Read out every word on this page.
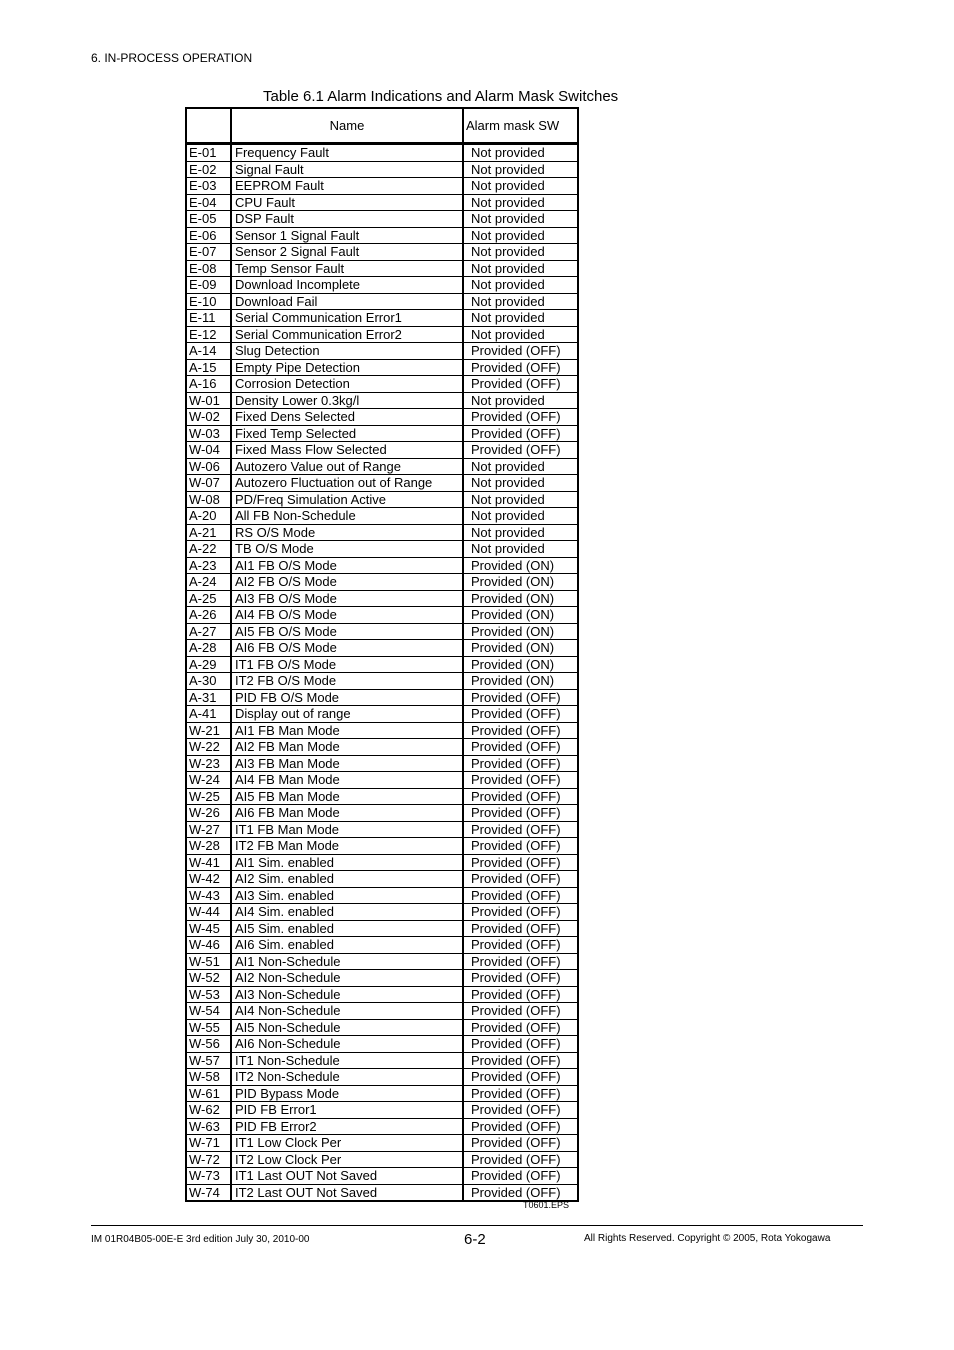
6. IN-PROCESS OPERATION
Table 6.1 Alarm Indications and Alarm Mask Switches
	Name	Alarm mask SW
E-01	Frequency Fault	Not provided
E-02	Signal Fault	Not provided
E-03	EEPROM Fault	Not provided
E-04	CPU Fault	Not provided
E-05	DSP Fault	Not provided
E-06	Sensor 1 Signal Fault	Not provided
E-07	Sensor 2 Signal Fault	Not provided
E-08	Temp Sensor Fault	Not provided
E-09	Download Incomplete	Not provided
E-10	Download Fail	Not provided
E-11	Serial Communication Error1	Not provided
E-12	Serial Communication Error2	Not provided
A-14	Slug Detection	Provided (OFF)
A-15	Empty Pipe Detection	Provided (OFF)
A-16	Corrosion Detection	Provided (OFF)
W-01	Density Lower 0.3kg/l	Not provided
W-02	Fixed Dens Selected	Provided (OFF)
W-03	Fixed Temp Selected	Provided (OFF)
W-04	Fixed Mass Flow Selected	Provided (OFF)
W-06	Autozero Value out of Range	Not provided
W-07	Autozero Fluctuation out of Range	Not provided
W-08	PD/Freq Simulation Active	Not provided
A-20	All FB Non-Schedule	Not provided
A-21	RS O/S Mode	Not provided
A-22	TB O/S Mode	Not provided
A-23	AI1 FB O/S Mode	Provided (ON)
A-24	AI2 FB O/S Mode	Provided (ON)
A-25	AI3 FB O/S Mode	Provided (ON)
A-26	AI4 FB O/S Mode	Provided (ON)
A-27	AI5 FB O/S Mode	Provided (ON)
A-28	AI6 FB O/S Mode	Provided (ON)
A-29	IT1 FB O/S Mode	Provided (ON)
A-30	IT2 FB O/S Mode	Provided (ON)
A-31	PID FB O/S Mode	Provided (OFF)
A-41	Display out of range	Provided (OFF)
W-21	AI1 FB Man Mode	Provided (OFF)
W-22	AI2 FB Man Mode	Provided (OFF)
W-23	AI3 FB Man Mode	Provided (OFF)
W-24	AI4 FB Man Mode	Provided (OFF)
W-25	AI5 FB Man Mode	Provided (OFF)
W-26	AI6 FB Man Mode	Provided (OFF)
W-27	IT1 FB Man Mode	Provided (OFF)
W-28	IT2 FB Man Mode	Provided (OFF)
W-41	AI1 Sim. enabled	Provided (OFF)
W-42	AI2 Sim. enabled	Provided (OFF)
W-43	AI3 Sim. enabled	Provided (OFF)
W-44	AI4 Sim. enabled	Provided (OFF)
W-45	AI5 Sim. enabled	Provided (OFF)
W-46	AI6 Sim. enabled	Provided (OFF)
W-51	AI1 Non-Schedule	Provided (OFF)
W-52	AI2 Non-Schedule	Provided (OFF)
W-53	AI3 Non-Schedule	Provided (OFF)
W-54	AI4 Non-Schedule	Provided (OFF)
W-55	AI5 Non-Schedule	Provided (OFF)
W-56	AI6 Non-Schedule	Provided (OFF)
W-57	IT1 Non-Schedule	Provided (OFF)
W-58	IT2 Non-Schedule	Provided (OFF)
W-61	PID Bypass Mode	Provided (OFF)
W-62	PID FB Error1	Provided (OFF)
W-63	PID FB Error2	Provided (OFF)
W-71	IT1 Low Clock Per	Provided (OFF)
W-72	IT2 Low Clock Per	Provided (OFF)
W-73	IT1 Last OUT Not Saved	Provided (OFF)
W-74	IT2 Last OUT Not Saved	Provided (OFF)
T0601.EPS
IM 01R04B05-00E-E 3rd edition July 30, 2010-00	6-2	All Rights Reserved. Copyright © 2005, Rota Yokogawa
